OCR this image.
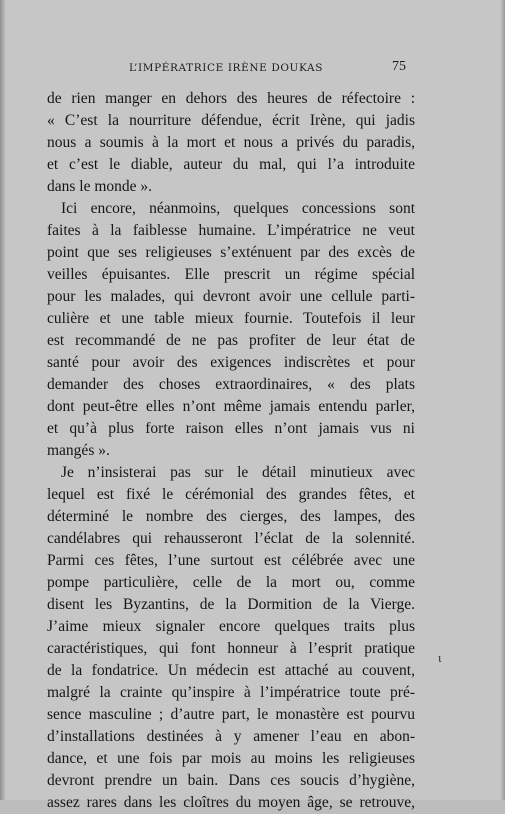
L’IMPÉRATRICE IRÈNE DOUKAS	75
de rien manger en dehors des heures de réfectoire :
« C’est la nourriture défendue, écrit Irène, qui jadis
nous a soumis à la mort et nous a privés du paradis,
et c’est le diable, auteur du mal, qui l’a introduite
dans le monde ».
Ici encore, néanmoins, quelques concessions sont
faites à la faiblesse humaine. L’impératrice ne veut
point que ses religieuses s’exténuent par des excès de
veilles épuisantes. Elle prescrit un régime spécial
pour les malades, qui devront avoir une cellule parti-
culière et une table mieux fournie. Toutefois il leur
est recommandé de ne pas profiter de leur état de
santé pour avoir des exigences indiscrètes et pour
demander des choses extraordinaires, « des plats
dont peut-être elles n’ont même jamais entendu parler,
et qu’à plus forte raison elles n’ont jamais vus ni
mangés ».
Je n’insisterai pas sur le détail minutieux avec
lequel est fixé le cérémonial des grandes fêtes, et
déterminé le nombre des cierges, des lampes, des
candélabres qui rehausseront l’éclat de la solennité.
Parmi ces fêtes, l’une surtout est célébrée avec une
pompe particulière, celle de la mort ou, comme
disent les Byzantins, de la Dormition de la Vierge.
J’aime mieux signaler encore quelques traits plus
caractéristiques, qui font honneur à l’esprit pratique
de la fondatrice. Un médecin est attaché au couvent,
malgré la crainte qu’inspire à l’impératrice toute pré-
sence masculine ; d’autre part, le monastère est pourvu
d’installations destinées à y amener l’eau en abon-
dance, et une fois par mois au moins les religieuses
devront prendre un bain. Dans ces soucis d’hygiène,
assez rares dans les cloîtres du moyen âge, se retrouve,
ι
